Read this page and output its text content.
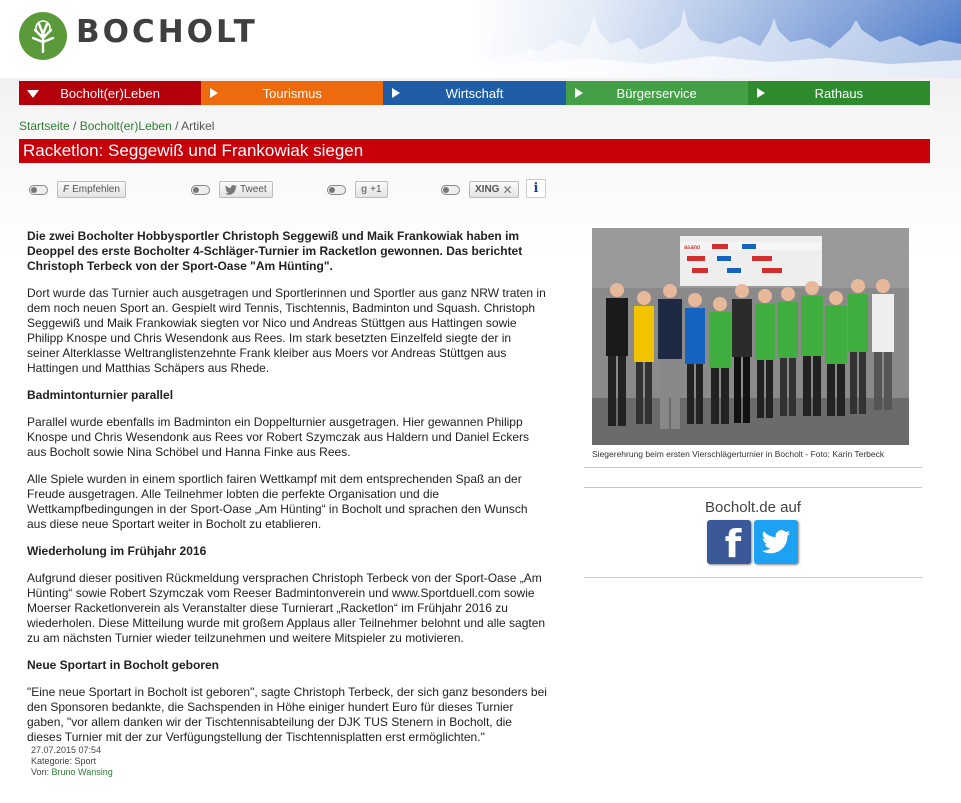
BOCHOLT
Bocholt(er)Leben	Tourismus	Wirtschaft	Bürgerservice	Rathaus
Startseite / Bocholt(er)Leben / Artikel
Racketlon: Seggewiß und Frankowiak siegen
F Empfehlen	Tweet	g +1	XING ✕	i

Die zwei Bocholter Hobbysportler Christoph Seggewiß und Maik Frankowiak haben im Deoppel des erste Bocholter 4-Schläger-Turnier im Racketlon gewonnen. Das berichtet Christoph Terbeck von der Sport-Oase "Am Hünting".

Dort wurde das Turnier auch ausgetragen und Sportlerinnen und Sportler aus ganz NRW traten in dem noch neuen Sport an. Gespielt wird Tennis, Tischtennis, Badminton und Squash. Christoph Seggewiß und Maik Frankowiak siegten vor Nico und Andreas Stüttgen aus Hattingen sowie Philipp Knospe und Chris Wesendonk aus Rees. Im stark besetzten Einzelfeld siegte der in seiner Alterklasse Weltranglistenzehnte Frank kleiber aus Moers vor Andreas Stüttgen aus Hattingen und Matthias Schäpers aus Rhede.

Badmintonturnier parallel

Parallel wurde ebenfalls im Badminton ein Doppelturnier ausgetragen. Hier gewannen Philipp Knospe und Chris Wesendonk aus Rees vor Robert Szymczak aus Haldern und Daniel Eckers aus Bocholt sowie Nina Schöbel und Hanna Finke aus Rees.

Alle Spiele wurden in einem sportlich fairen Wettkampf mit dem entsprechenden Spaß an der Freude ausgetragen. Alle Teilnehmer lobten die perfekte Organisation und die Wettkampfbedingungen in der Sport-Oase „Am Hünting“ in Bocholt und sprachen den Wunsch aus diese neue Sportart weiter in Bocholt zu etablieren.

Wiederholung im Frühjahr 2016

Aufgrund dieser positiven Rückmeldung versprachen Christoph Terbeck von der Sport-Oase „Am Hünting“ sowie Robert Szymczak vom Reeser Badmintonverein und www.Sportduell.com sowie Moerser Racketlonverein als Veranstalter diese Turnierart „Racketlon“ im Frühjahr 2016 zu wiederholen. Diese Mitteilung wurde mit großem Applaus aller Teilnehmer belohnt und alle sagten zu am nächsten Turnier wieder teilzunehmen und weitere Mitspieler zu motivieren.

Neue Sportart in Bocholt geboren

"Eine neue Sportart in Bocholt ist geboren", sagte Christoph Terbeck, der sich ganz besonders bei den Sponsoren bedankte, die Sachspenden in Höhe einiger hundert Euro für dieses Turnier gaben, "vor allem danken wir der Tischtennisabteilung der DJK TUS Stenern in Bocholt, die dieses Turnier mit der zur Verfügungstellung der Tischtennisplatten erst ermöglichten."

27.07.2015 07:54
Kategorie: Sport
Von: Bruno Wansing
asano
Siegerehrung beim ersten Vierschlägerturnier in Bocholt - Foto: Karin Terbeck
Bocholt.de auf
f
